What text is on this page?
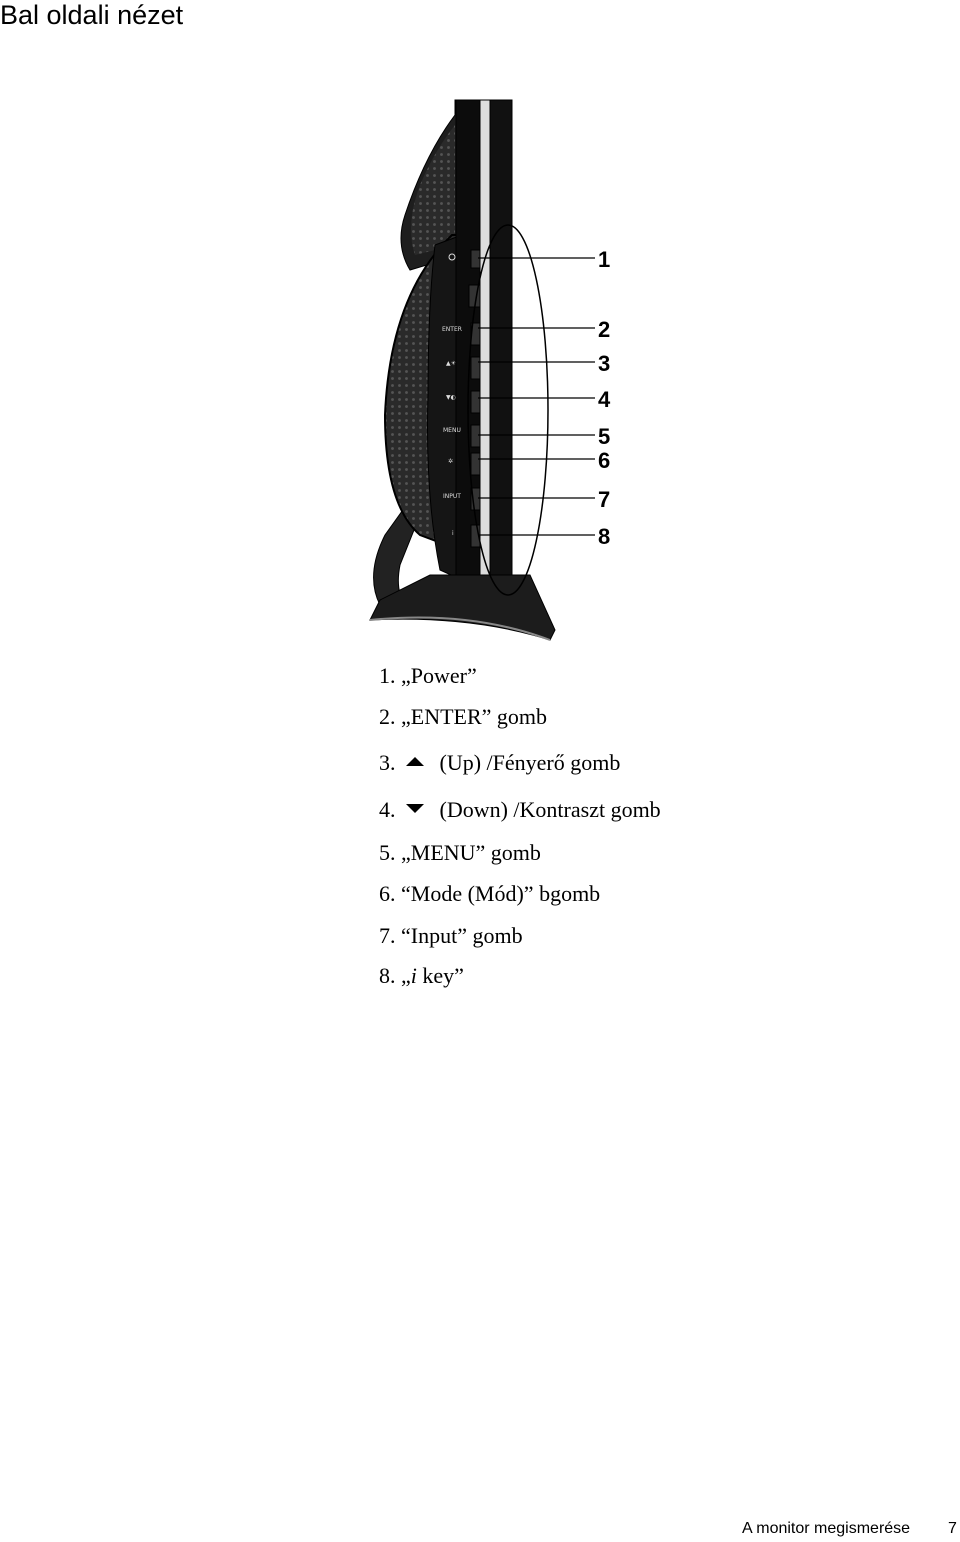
Bal oldali nézet
ENTER
▲☀
▼◐
MENU
✲
INPUT
i
1
2
3
4
5
6
7
8
1. „Power”
2. „ENTER” gomb
3. (Up) /Fényerő gomb
4. (Down) /Kontraszt gomb
5. „MENU” gomb
6. “Mode (Mód)” bgomb
7. “Input” gomb
8. „i key”
A monitor megismerése 7
